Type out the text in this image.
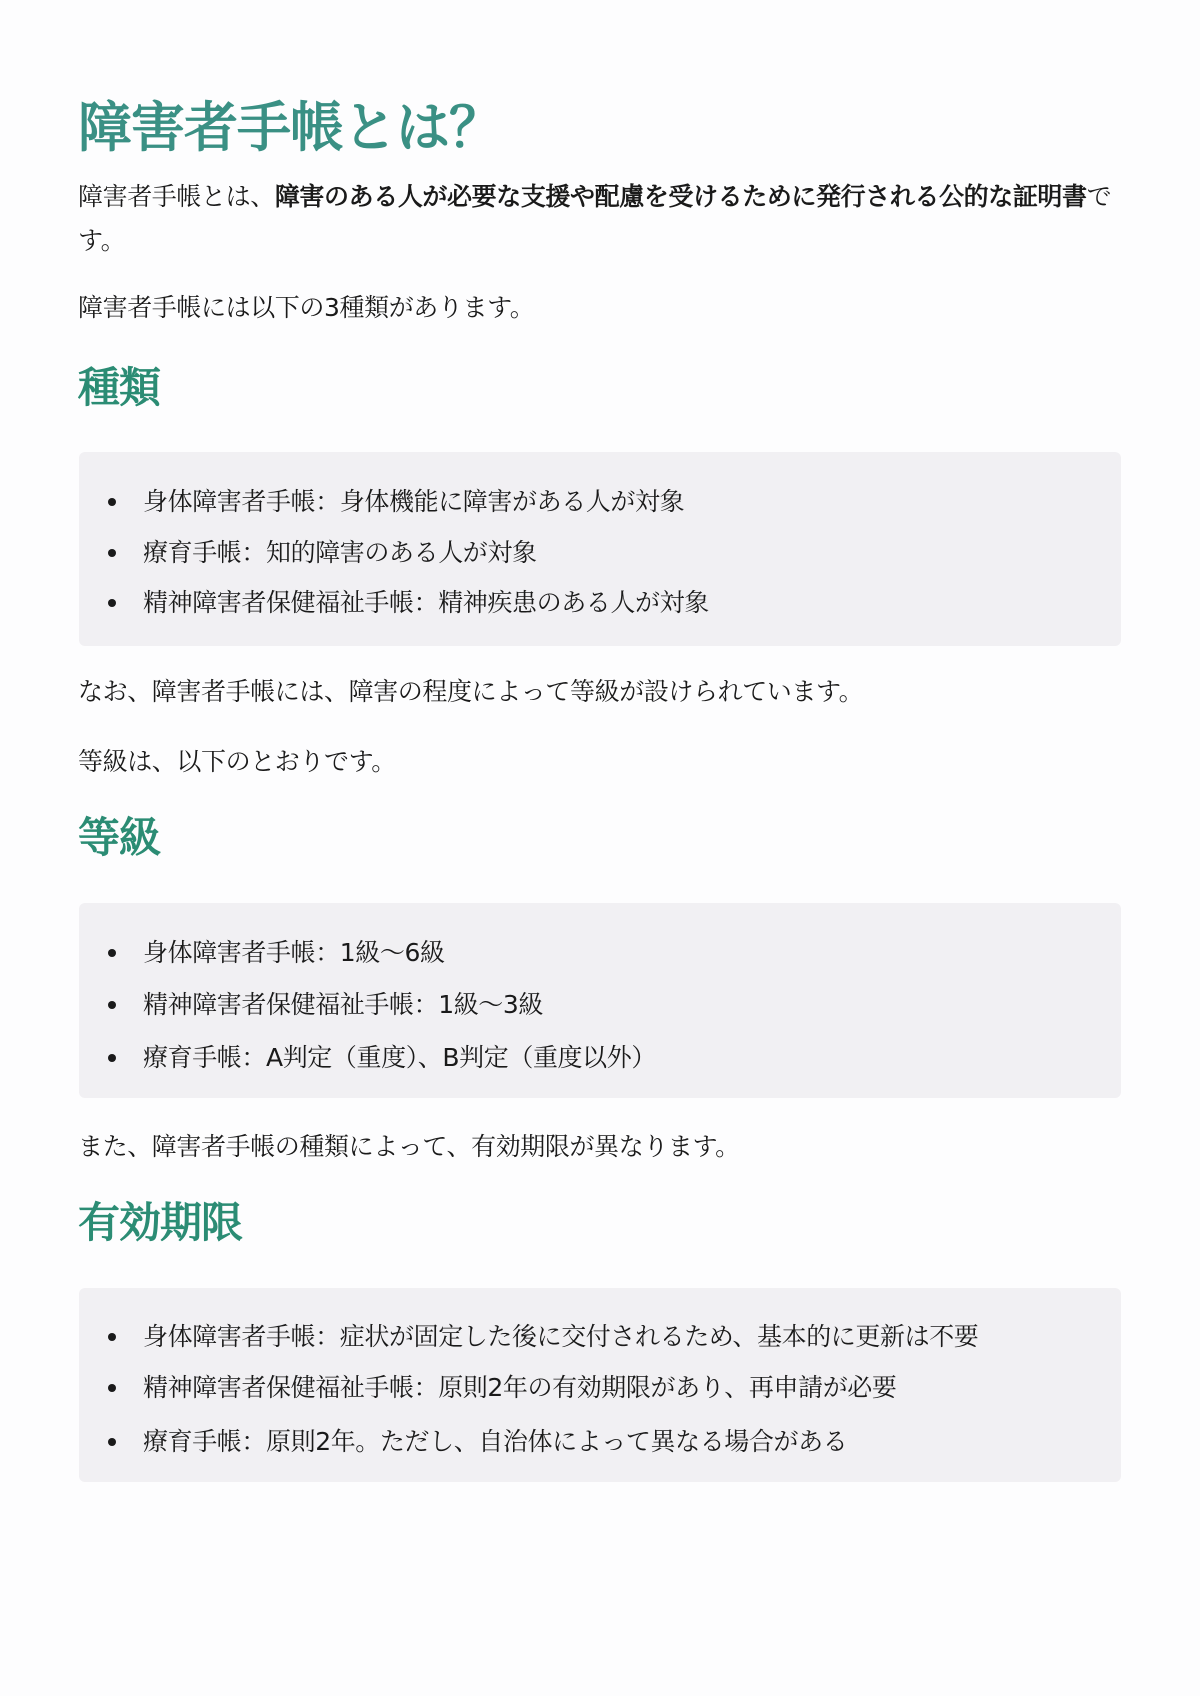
障害者手帳とは？

障害者手帳とは、障害のある人が必要な支援や配慮を受けるために発行される公的な証明書です。

障害者手帳には以下の3種類があります。

種類
身体障害者手帳：身体機能に障害がある人が対象
療育手帳：知的障害のある人が対象
精神障害者保健福祉手帳：精神疾患のある人が対象

なお、障害者手帳には、障害の程度によって等級が設けられています。

等級は、以下のとおりです。

等級
身体障害者手帳：1級〜6級
精神障害者保健福祉手帳：1級〜3級
療育手帳：A判定（重度）、B判定（重度以外）

また、障害者手帳の種類によって、有効期限が異なります。

有効期限
身体障害者手帳：症状が固定した後に交付されるため、基本的に更新は不要
精神障害者保健福祉手帳：原則2年の有効期限があり、再申請が必要
療育手帳：原則2年。ただし、自治体によって異なる場合がある
